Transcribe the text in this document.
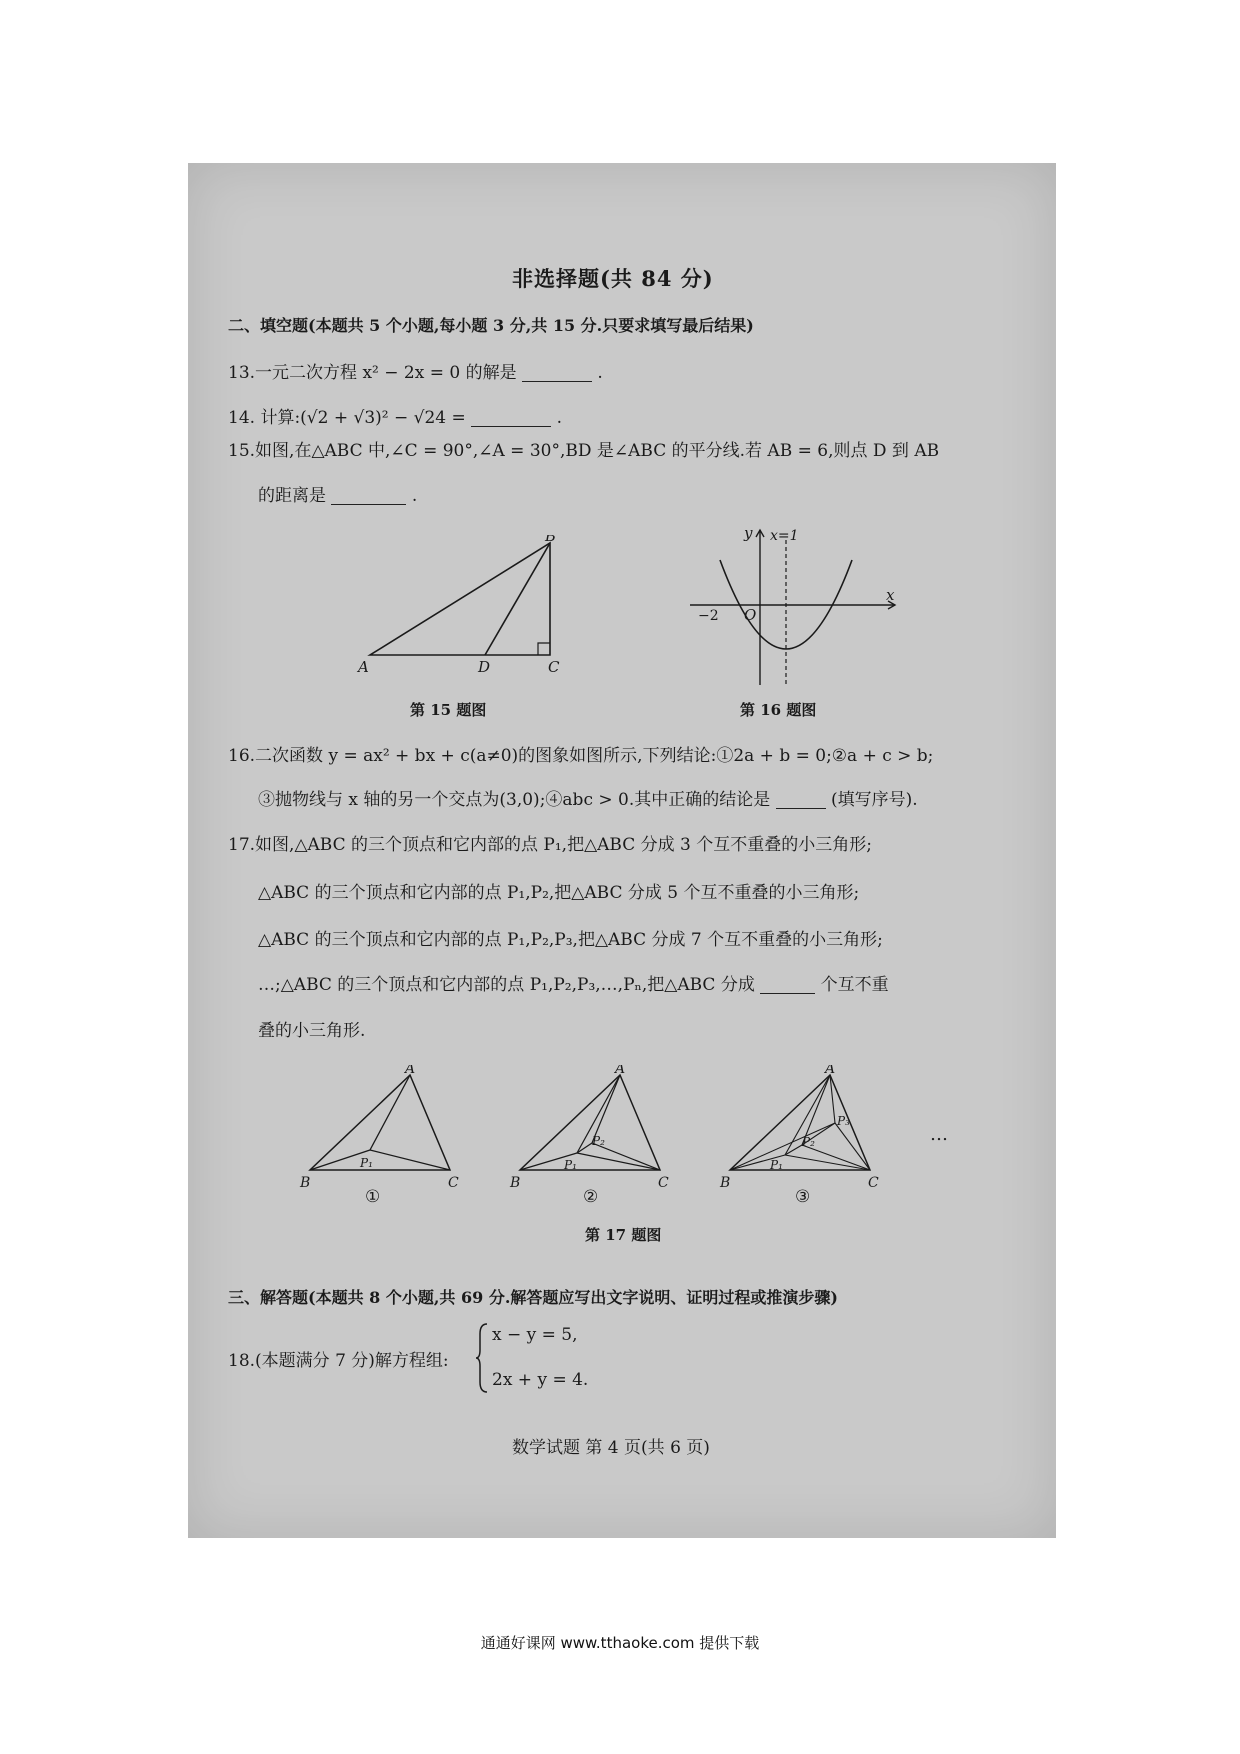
非选择题(共 84 分)
二、填空题(本题共 5 个小题,每小题 3 分,共 15 分.只要求填写最后结果)
13.一元二次方程 x² − 2x = 0 的解是	.
14. 计算:(√2 + √3)² − √24 =	.
15.如图,在△ABC 中,∠C = 90°,∠A = 30°,BD 是∠ABC 的平分线.若 AB = 6,则点 D 到 AB
的距离是	.
A
B
C
D
第 15 题图
y
x
O
−2
x=1
第 16 题图
16.二次函数 y = ax² + bx + c(a≠0)的图象如图所示,下列结论:①2a + b = 0;②a + c > b;
③抛物线与 x 轴的另一个交点为(3,0);④abc > 0.其中正确的结论是	(填写序号).
17.如图,△ABC 的三个顶点和它内部的点 P₁,把△ABC 分成 3 个互不重叠的小三角形;
△ABC 的三个顶点和它内部的点 P₁,P₂,把△ABC 分成 5 个互不重叠的小三角形;
△ABC 的三个顶点和它内部的点 P₁,P₂,P₃,把△ABC 分成 7 个互不重叠的小三角形;
…;△ABC 的三个顶点和它内部的点 P₁,P₂,P₃,…,Pₙ,把△ABC 分成	个互不重
叠的小三角形.
A
B	C
P₁
①
A
B	C
P₁
P₂
②
A
B	C
P₁
P₂
P₃
③
…
第 17 题图
三、解答题(本题共 8 个小题,共 69 分.解答题应写出文字说明、证明过程或推演步骤)
18.(本题满分 7 分)解方程组:
x − y = 5,
2x + y = 4.
数学试题 第 4 页(共 6 页)
通通好课网 www.tthaoke.com 提供下载
